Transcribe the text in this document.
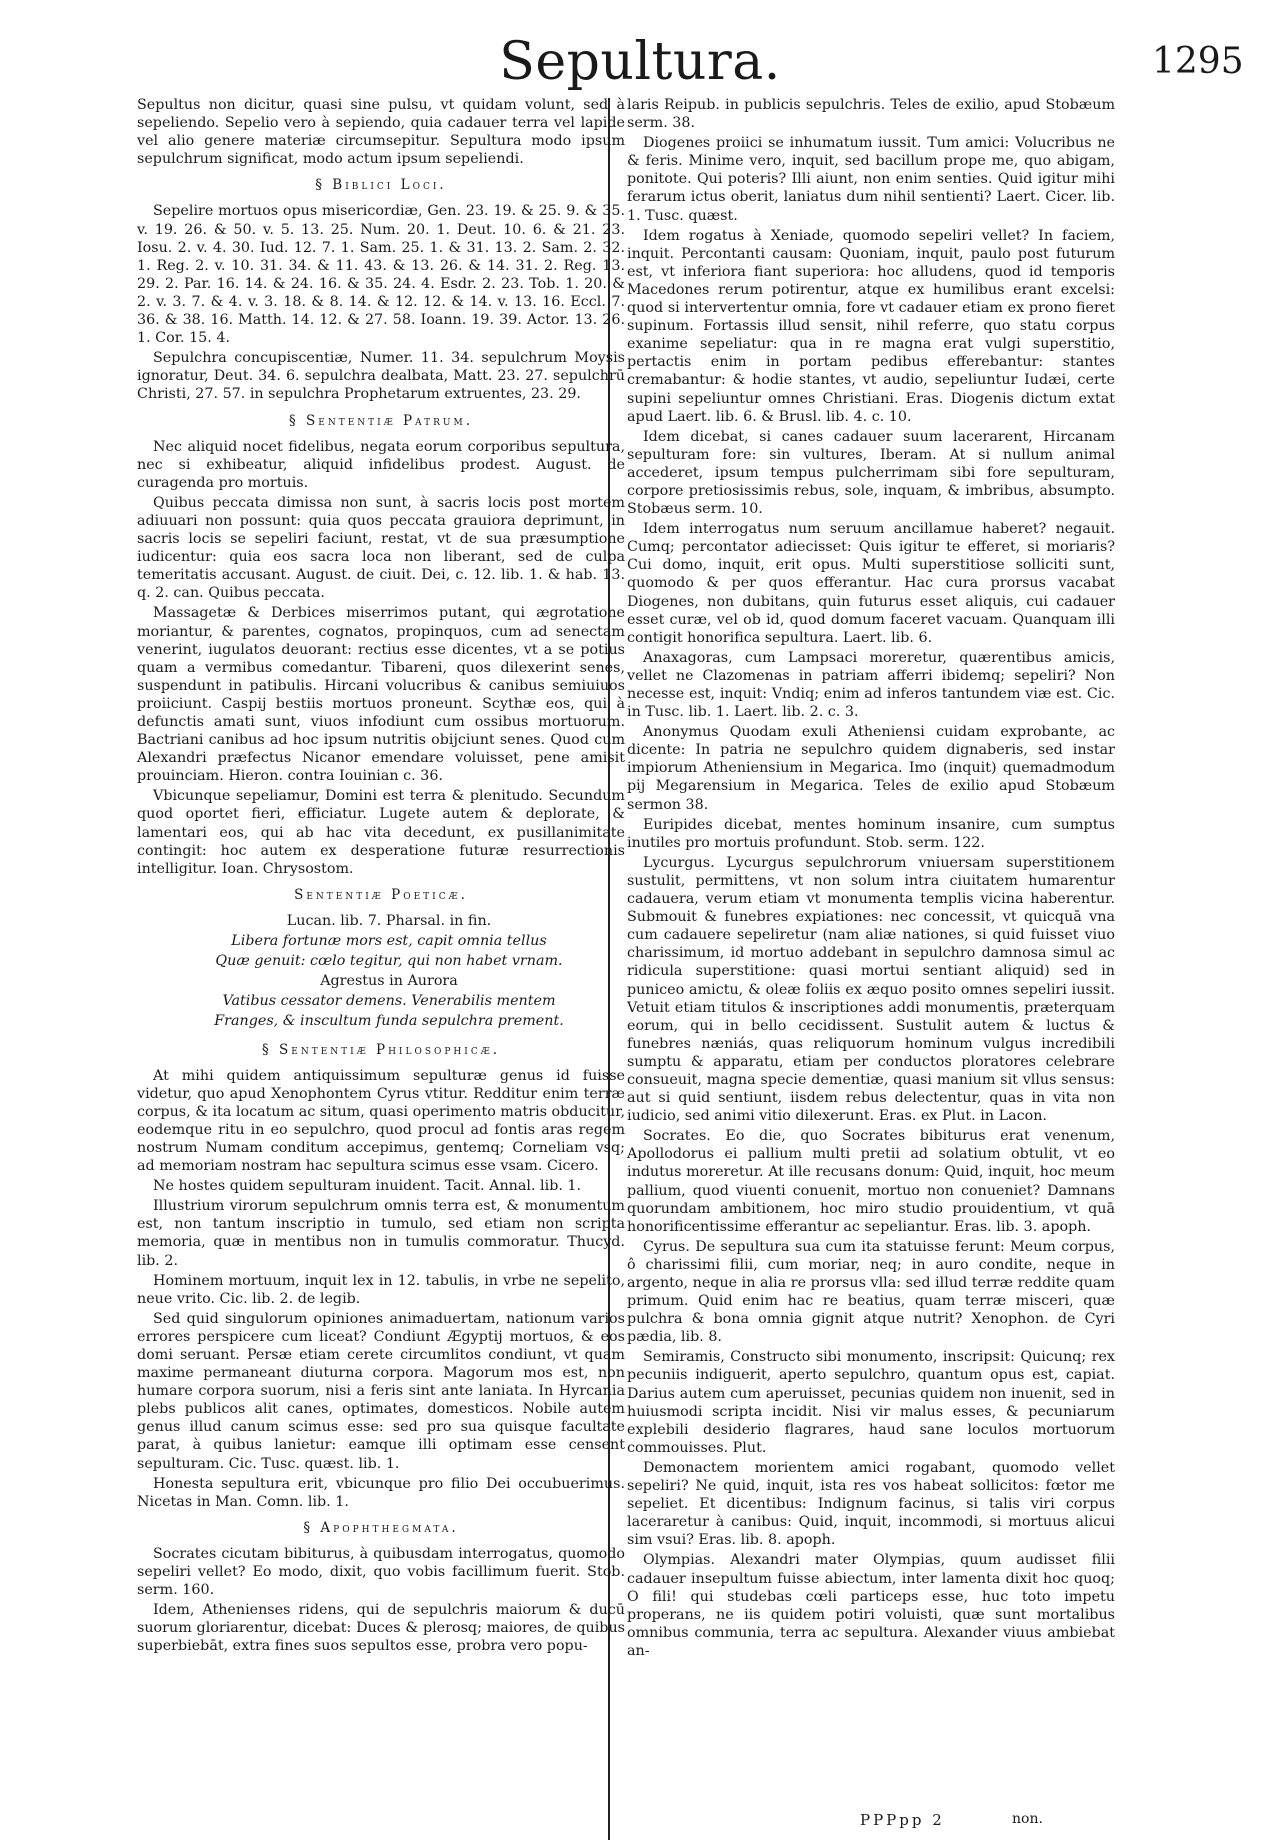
Sepultura.	1295

Sepultus non dicitur, quasi sine pulsu, vt quidam volunt, sed à sepeliendo. Sepelio vero à sepiendo, quia cadauer terra vel lapide vel alio genere materiæ circumsepitur. Sepultura modo ipsum sepulchrum significat, modo actum ipsum sepeliendi.

§ Biblici Loci.

Sepelire mortuos opus misericordiæ, Gen. 23. 19. & 25. 9. & 35. v. 19. 26. & 50. v. 5. 13. 25. Num. 20. 1. Deut. 10. 6. & 21. 23. Iosu. 2. v. 4. 30. Iud. 12. 7. 1. Sam. 25. 1. & 31. 13. 2. Sam. 2. 32. 1. Reg. 2. v. 10. 31. 34. & 11. 43. & 13. 26. & 14. 31. 2. Reg. 13. 29. 2. Par. 16. 14. & 24. 16. & 35. 24. 4. Esdr. 2. 23. Tob. 1. 20. & 2. v. 3. 7. & 4. v. 3. 18. & 8. 14. & 12. 12. & 14. v. 13. 16. Eccl. 7. 36. & 38. 16. Matth. 14. 12. & 27. 58. Ioann. 19. 39. Actor. 13. 26. 1. Cor. 15. 4.

Sepulchra concupiscentiæ, Numer. 11. 34. sepulchrum Moysis ignoratur, Deut. 34. 6. sepulchra dealbata, Matt. 23. 27. sepulchrū Christi, 27. 57. in sepulchra Prophetarum extruentes, 23. 29.

§ Sententiæ Patrum.

Nec aliquid nocet fidelibus, negata eorum corporibus sepultura, nec si exhibeatur, aliquid infidelibus prodest. August. de curagenda pro mortuis.

Quibus peccata dimissa non sunt, à sacris locis post mortem adiuuari non possunt: quia quos peccata grauiora deprimunt, in sacris locis se sepeliri faciunt, restat, vt de sua præsumptione iudicentur: quia eos sacra loca non liberant, sed de culpa temeritatis accusant. August. de ciuit. Dei, c. 12. lib. 1. & hab. 13. q. 2. can. Quibus peccata.

Massagetæ & Derbices miserrimos putant, qui ægrotatione moriantur, & parentes, cognatos, propinquos, cum ad senectam venerint, iugulatos deuorant: rectius esse dicentes, vt a se potius quam a vermibus comedantur. Tibareni, quos dilexerint senes, suspendunt in patibulis. Hircani volucribus & canibus semiuiuos proiiciunt. Caspij bestiis mortuos proneunt. Scythæ eos, qui à defunctis amati sunt, viuos infodiunt cum ossibus mortuorum. Bactriani canibus ad hoc ipsum nutritis obijciunt senes. Quod cum Alexandri præfectus Nicanor emendare voluisset, pene amisit prouinciam. Hieron. contra Iouinian c. 36.

Vbicunque sepeliamur, Domini est terra & plenitudo. Secundum quod oportet fieri, efficiatur. Lugete autem & deplorate, & lamentari eos, qui ab hac vita decedunt, ex pusillanimitate contingit: hoc autem ex desperatione futuræ resurrectionis intelligitur. Ioan. Chrysostom.

Sententiæ Poeticæ.

Lucan. lib. 7. Pharsal. in fin.

Libera fortunæ mors est, capit omnia tellus

Quæ genuit: cœlo tegitur, qui non habet vrnam.

Agrestus in Aurora

Vatibus cessator demens. Venerabilis mentem

Franges, & inscultum funda sepulchra prement.

§ Sententiæ Philosophicæ.

At mihi quidem antiquissimum sepulturæ genus id fuisse videtur, quo apud Xenophontem Cyrus vtitur. Redditur enim terræ corpus, & ita locatum ac situm, quasi operimento matris obducitur, eodemque ritu in eo sepulchro, quod procul ad fontis aras regem nostrum Numam conditum accepimus, gentemq; Corneliam vsq; ad memoriam nostram hac sepultura scimus esse vsam. Cicero.

Ne hostes quidem sepulturam inuident. Tacit. Annal. lib. 1.

Illustrium virorum sepulchrum omnis terra est, & monumentum est, non tantum inscriptio in tumulo, sed etiam non scripta memoria, quæ in mentibus non in tumulis commoratur. Thucyd. lib. 2.

Hominem mortuum, inquit lex in 12. tabulis, in vrbe ne sepelito, neue vrito. Cic. lib. 2. de legib.

Sed quid singulorum opiniones animaduertam, nationum varios errores perspicere cum liceat? Condiunt Ægyptij mortuos, & eos domi seruant. Persæ etiam cerete circumlitos condiunt, vt quam maxime permaneant diuturna corpora. Magorum mos est, non humare corpora suorum, nisi a feris sint ante laniata. In Hyrcania plebs publicos alit canes, optimates, domesticos. Nobile autem genus illud canum scimus esse: sed pro sua quisque facultate parat, à quibus lanietur: eamque illi optimam esse censent sepulturam. Cic. Tusc. quæst. lib. 1.

Honesta sepultura erit, vbicunque pro filio Dei occubuerimus. Nicetas in Man. Comn. lib. 1.

§ Apophthegmata.

Socrates cicutam bibiturus, à quibusdam interrogatus, quomodo sepeliri vellet? Eo modo, dixit, quo vobis facillimum fuerit. Stob. serm. 160.

Idem, Athenienses ridens, qui de sepulchris maiorum & ducū suorum gloriarentur, dicebat: Duces & plerosq; maiores, de quibus superbiebāt, extra fines suos sepultos esse, probra vero popu-

laris Reipub. in publicis sepulchris. Teles de exilio, apud Stobæum serm. 38.

Diogenes proiici se inhumatum iussit. Tum amici: Volucribus ne & feris. Minime vero, inquit, sed bacillum prope me, quo abigam, ponitote. Qui poteris? Illi aiunt, non enim senties. Quid igitur mihi ferarum ictus oberit, laniatus dum nihil sentienti? Laert. Cicer. lib. 1. Tusc. quæst.

Idem rogatus à Xeniade, quomodo sepeliri vellet? In faciem, inquit. Percontanti causam: Quoniam, inquit, paulo post futurum est, vt inferiora fiant superiora: hoc alludens, quod id temporis Macedones rerum potirentur, atque ex humilibus erant excelsi: quod si intervertentur omnia, fore vt cadauer etiam ex prono fieret supinum. Fortassis illud sensit, nihil referre, quo statu corpus exanime sepeliatur: qua in re magna erat vulgi superstitio, pertactis enim in portam pedibus efferebantur: stantes cremabantur: & hodie stantes, vt audio, sepeliuntur Iudæi, certe supini sepeliuntur omnes Christiani. Eras. Diogenis dictum extat apud Laert. lib. 6. & Brusl. lib. 4. c. 10.

Idem dicebat, si canes cadauer suum lacerarent, Hircanam sepulturam fore: sin vultures, Iberam. At si nullum animal accederet, ipsum tempus pulcherrimam sibi fore sepulturam, corpore pretiosissimis rebus, sole, inquam, & imbribus, absumpto. Stobæus serm. 10.

Idem interrogatus num seruum ancillamue haberet? negauit. Cumq; percontator adiecisset: Quis igitur te efferet, si moriaris? Cui domo, inquit, erit opus. Multi superstitiose solliciti sunt, quomodo & per quos efferantur. Hac cura prorsus vacabat Diogenes, non dubitans, quin futurus esset aliquis, cui cadauer esset curæ, vel ob id, quod domum faceret vacuam. Quanquam illi contigit honorifica sepultura. Laert. lib. 6.

Anaxagoras, cum Lampsaci moreretur, quærentibus amicis, vellet ne Clazomenas in patriam afferri ibidemq; sepeliri? Non necesse est, inquit: Vndiq; enim ad inferos tantundem viæ est. Cic. in Tusc. lib. 1. Laert. lib. 2. c. 3.

Anonymus Quodam exuli Atheniensi cuidam exprobante, ac dicente: In patria ne sepulchro quidem dignaberis, sed instar impiorum Atheniensium in Megarica. Imo (inquit) quemadmodum pij Megarensium in Megarica. Teles de exilio apud Stobæum sermon 38.

Euripides dicebat, mentes hominum insanire, cum sumptus inutiles pro mortuis profundunt. Stob. serm. 122.

Lycurgus. Lycurgus sepulchrorum vniuersam superstitionem sustulit, permittens, vt non solum intra ciuitatem humarentur cadauera, verum etiam vt monumenta templis vicina haberentur. Submouit & funebres expiationes: nec concessit, vt quicquā vna cum cadauere sepeliretur (nam aliæ nationes, si quid fuisset viuo charissimum, id mortuo addebant in sepulchro damnosa simul ac ridicula superstitione: quasi mortui sentiant aliquid) sed in puniceo amictu, & oleæ foliis ex æquo posito omnes sepeliri iussit. Vetuit etiam titulos & inscriptiones addi monumentis, præterquam eorum, qui in bello cecidissent. Sustulit autem & luctus & funebres næniás, quas reliquorum hominum vulgus incredibili sumptu & apparatu, etiam per conductos ploratores celebrare consueuit, magna specie dementiæ, quasi manium sit vllus sensus: aut si quid sentiunt, iisdem rebus delectentur, quas in vita non iudicio, sed animi vitio dilexerunt. Eras. ex Plut. in Lacon.

Socrates. Eo die, quo Socrates bibiturus erat venenum, Apollodorus ei pallium multi pretii ad solatium obtulit, vt eo indutus moreretur. At ille recusans donum: Quid, inquit, hoc meum pallium, quod viuenti conuenit, mortuo non conueniet? Damnans quorundam ambitionem, hoc miro studio prouidentium, vt quā honorificentissime efferantur ac sepeliantur. Eras. lib. 3. apoph.

Cyrus. De sepultura sua cum ita statuisse ferunt: Meum corpus, ô charissimi filii, cum moriar, neq; in auro condite, neque in argento, neque in alia re prorsus vlla: sed illud terræ reddite quam primum. Quid enim hac re beatius, quam terræ misceri, quæ pulchra & bona omnia gignit atque nutrit? Xenophon. de Cyri pædia, lib. 8.

Semiramis, Constructo sibi monumento, inscripsit: Quicunq; rex pecuniis indiguerit, aperto sepulchro, quantum opus est, capiat. Darius autem cum aperuisset, pecunias quidem non inuenit, sed in huiusmodi scripta incidit. Nisi vir malus esses, & pecuniarum explebili desiderio flagrares, haud sane loculos mortuorum commouisses. Plut.

Demonactem morientem amici rogabant, quomodo vellet sepeliri? Ne quid, inquit, ista res vos habeat sollicitos: fœtor me sepeliet. Et dicentibus: Indignum facinus, si talis viri corpus laceraretur à canibus: Quid, inquit, incommodi, si mortuus alicui sim vsui? Eras. lib. 8. apoph.

Olympias. Alexandri mater Olympias, quum audisset filii cadauer insepultum fuisse abiectum, inter lamenta dixit hoc quoq; O fili! qui studebas cœli particeps esse, huc toto impetu properans, ne iis quidem potiri voluisti, quæ sunt mortalibus omnibus communia, terra ac sepultura. Alexander viuus ambiebat an-

PPPpp 2	non.
